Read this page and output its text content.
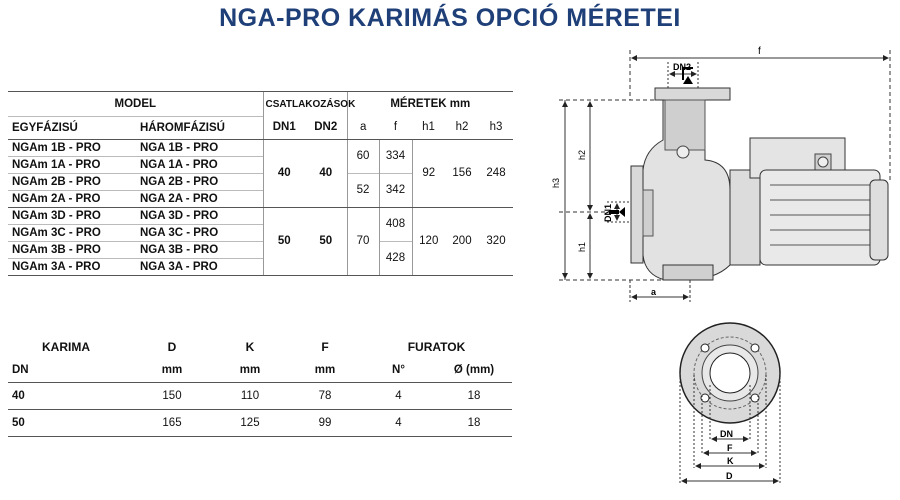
NGA-PRO KARIMÁS OPCIÓ MÉRETEI
MODEL		CSATLAKOZÁSOK		MÉRETEK mm				
EGYFÁZISÚ	HÁROMFÁZISÚ	DN1	DN2	a	f	h1	h2	h3
NGAm 1B - PRO	NGA 1B - PRO	40	40	60	334	92	156	248
NGAm 1A - PRO	NGA 1A - PRO							
NGAm 2B - PRO	NGA 2B - PRO			52	342			
NGAm 2A - PRO	NGA 2A - PRO							
NGAm 3D - PRO	NGA 3D - PRO	50	50	70	408	120	200	320
NGAm 3C - PRO	NGA 3C - PRO							
NGAm 3B - PRO	NGA 3B - PRO				428			
NGAm 3A - PRO	NGA 3A - PRO							
KARIMA	D	K	F	FURATOK	
DN	mm	mm	mm	N°	Ø (mm)
40	150	110	78	4	18
50	165	125	99	4	18
DN2
f
h3
h2
h1
DN1
a
DN
F
K
D
